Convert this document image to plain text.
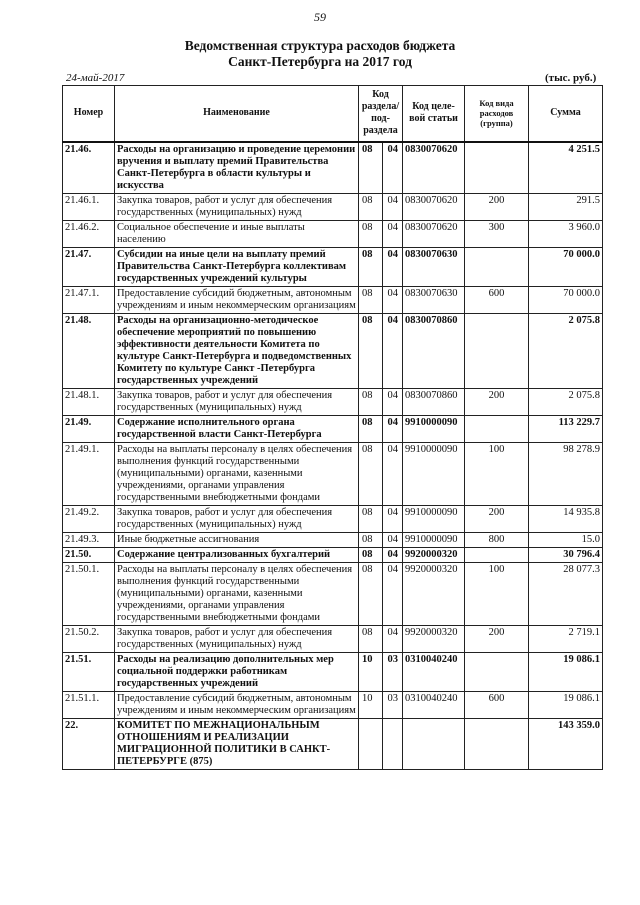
59
Ведомственная структура расходов бюджета
Санкт-Петербурга на 2017 год
24-май-2017	(тыс. руб.)
Номер	Наименование	Код раздела/ под-раздела		Код целе-вой статьи	Код вида расходов (группа)	Сумма
21.46.	Расходы на организацию и проведение церемонии вручения и выплату премий Правительства Санкт-Петербурга в области культуры и искусства	08	04	0830070620		4 251.5
21.46.1.	Закупка товаров, работ и услуг для обеспечения государственных (муниципальных) нужд	08	04	0830070620	200	291.5
21.46.2.	Социальное обеспечение и иные выплаты населению	08	04	0830070620	300	3 960.0
21.47.	Субсидии на иные цели на выплату премий Правительства Санкт-Петербурга коллективам государственных учреждений культуры	08	04	0830070630		70 000.0
21.47.1.	Предоставление субсидий бюджетным, автономным учреждениям и иным некоммерческим организациям	08	04	0830070630	600	70 000.0
21.48.	Расходы на организационно-методическое обеспечение мероприятий по повышению эффективности деятельности Комитета по культуре Санкт-Петербурга и подведомственных Комитету по культуре Санкт -Петербурга государственных учреждений	08	04	0830070860		2 075.8
21.48.1.	Закупка товаров, работ и услуг для обеспечения государственных (муниципальных) нужд	08	04	0830070860	200	2 075.8
21.49.	Содержание исполнительного органа государственной власти Санкт-Петербурга	08	04	9910000090		113 229.7
21.49.1.	Расходы на выплаты персоналу в целях обеспечения выполнения функций государственными (муниципальными) органами, казенными учреждениями, органами управления государственными внебюджетными фондами	08	04	9910000090	100	98 278.9
21.49.2.	Закупка товаров, работ и услуг для обеспечения государственных (муниципальных) нужд	08	04	9910000090	200	14 935.8
21.49.3.	Иные бюджетные ассигнования	08	04	9910000090	800	15.0
21.50.	Содержание централизованных бухгалтерий	08	04	9920000320		30 796.4
21.50.1.	Расходы на выплаты персоналу в целях обеспечения выполнения функций государственными (муниципальными) органами, казенными учреждениями, органами управления государственными внебюджетными фондами	08	04	9920000320	100	28 077.3
21.50.2.	Закупка товаров, работ и услуг для обеспечения государственных (муниципальных) нужд	08	04	9920000320	200	2 719.1
21.51.	Расходы на реализацию дополнительных мер социальной поддержки работникам государственных учреждений	10	03	0310040240		19 086.1
21.51.1.	Предоставление субсидий бюджетным, автономным учреждениям и иным некоммерческим организациям	10	03	0310040240	600	19 086.1
22.	КОМИТЕТ ПО МЕЖНАЦИОНАЛЬНЫМ ОТНОШЕНИЯМ И РЕАЛИЗАЦИИ МИГРАЦИОННОЙ ПОЛИТИКИ В САНКТ-ПЕТЕРБУРГЕ (875)					143 359.0
